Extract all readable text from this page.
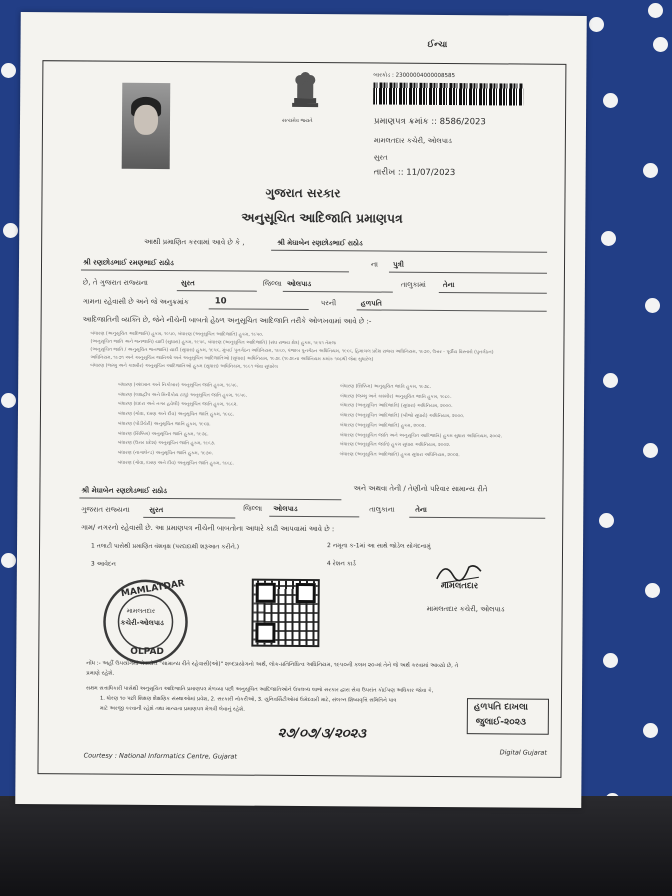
ઈન્ચા
સત્યમેવ જયતે
બારકોડ : 23000004000008585
પ્રમાણપત્ર ક્રમાંક :: 8586/2023
મામલતદાર કચેરી, ઓલપાડ
સુરત
તારીખ :: 11/07/2023
ગુજરાત સરકાર
અનુસૂચિત આદિજાતિ પ્રમાણપત્ર
આથી પ્રમાણિત કરવામાં આવે છે કે ,	શ્રી મેઘાબેન રણછોડભાઈ રાઠોડ
શ્રી રણછોડભાઈ રમણભાઈ રાઠોડ	ના પુત્રી
છે, તે ગુજરાત રાજ્યના	સુરત	જિલ્લા ઓલપાડ	તાલુકામાં તેના
ગામના રહેવાસી છે અને જે અનુક્રમાંક	10	પરની	હળપતિ
આદિજાતિની વ્યક્તિ છે, જેને નીચેની બાબતો હેઠળ અનુસૂચિત આદિજાતિ તરીકે ઓળખવામાં આવે છે :-
બંધારણ (અનુસૂચિત આદિજાતિ) હુકમ, ૧૯૫૦, બંધારણ (અનુસૂચિત આદિજાતિ) હુકમ, ૧૯૫૦.
(અનુસૂચિત જાતિ અને જનજાતિ) યાદી (સુધારા) હુકમ, ૧૯૫૬, બંધારણ (અનુસૂચિત આદિજાતિ) (સંઘ રાજ્ય ક્ષેત્ર) હુકમ, ૧૯૫૧ તેમજ
(અનુસૂચિત જાતિ / અનુસૂચિત જનજાતિ) યાદી (સુધારા) હુકમ, ૧૯૫૬, મુંબઈ પુનર્ગઠન અધિનિયમ, ૧૯૬૦, પંજાબ પુનર્ગઠન અધિનિયમ, ૧૯૬૬, હિમાચલ પ્રદેશ રાજ્ય અધિનિયમ, ૧૯૭૦, ઉત્તર - પૂર્વીય વિસ્તારો (પુનર્ગઠન)
અધિનિયમ, ૧૯૭૧ અને અનુસૂચિત જાતિઓ અને અનુસૂચિત આદિજાતિઓ (સુધારા) અધિનિયમ, ૧૯૭૬ (૧૯૭૬ના અધિનિયમ ક્રમાંક ૧૦૮થી જેવા સુધારેલ)
બંધારણ (જમ્મુ અને કાશ્મીર) અનુસૂચિત આદિજાતિઓ હુકમ (સુધારા) અધિનિયમ, ૧૯૯૧ જેવા સુધારેલ
બંધારણ (અંદમાન અને નિકોબાર) અનુસૂચિત જાતિ હુકમ, ૧૯૫૯.
બંધારણ (લક્ષદ્વીપ અને મિનીકોય ટાપુ) અનુસૂચિત જાતિ હુકમ, ૧૯૫૯.
બંધારણ (દાદરા અને નગર હવેલી) અનુસૂચિત જાતિ હુકમ, ૧૯૬૨.
બંધારણ (ગોવા, દમણ અને દીવ) અનુસૂચિત જાતિ હુકમ, ૧૯૬૮.
બંધારણ (પોંડીચેરી) અનુસૂચિત જાતિ હુકમ, ૧૯૬૪.
બંધારણ (સિક્કિમ) અનુસૂચિત જાતિ હુકમ, ૧૯૭૮.
બંધારણ (ઉત્તર પ્રદેશ) અનુસૂચિત જાતિ હુકમ, ૧૯૬૭.
બંધારણ (નાગાલેન્ડ) અનુસૂચિત જાતિ હુકમ, ૧૯૭૦.
બંધારણ (ગોવા, દમણ અને દીવ) અનુસૂચિત જાતિ હુકમ, ૧૯૬૮.
બંધારણ (સિક્કિમ) અનુસૂચિત જાતિ હુકમ, ૧૯૭૮.
બંધારણ (જમ્મુ અને કાશ્મીર) અનુસૂચિત જાતિ હુકમ, ૧૯૮૯.
બંધારણ (અનુસૂચિત આદિજાતિ) (સુધારા) અધિનિયમ, ૨૦૦૦.
બંધારણ (અનુસૂચિત આદિજાતિ) (બીજો સુધારો) અધિનિયમ, ૨૦૦૦.
બંધારણ (અનુસૂચિત આદિજાતિ) હુકમ, ૨૦૦૨.
બંધારણ (અનુસૂચિત જાતિ અને અનુસૂચિત આદિજાતિ) હુકમ સુધારા અધિનિયમ, ૨૦૦૨.
બંધારણ (અનુસૂચિત જાતિ) હુકમ સુધારા અધિનિયમ, ૨૦૦૨.
બંધારણ (અનુસૂચિત આદિજાતિ) હુકમ સુધારા અધિનિયમ, ૨૦૦૨.
શ્રી મેઘાબેન રણછોડભાઈ રાઠોડ	અને અથવા તેની / તેણીનો પરિવાર સામાન્ય રીતે
ગુજરાત રાજ્યના	સુરત	જિલ્લા ઓલપાડ	તાલુકાના	તેના
ગામ/ નગરનો રહેવાસી છે. આ પ્રમાણપત્ર નીચેની બાબતોના આધારે કાઢી આપવામાં આવે છે :
1 તલાટી પાસેથી પ્રમાણિત વંશવૃક્ષ (પરદાદાથી શરૂઆત કરીને.)	2 નમૂના ક-1માં આ સાથે જોડેલ સોગંદનામું
3 આવેદન	4 રેશન કાર્ડ
MAMLATDAR
મામલતદાર
કચેરી-ઓલપાડ
OLPAD
મામલતદાર
મામલતદાર કચેરી, ઓલપાડ
નોંધ :- અહીં ઉપયોગમાં લેવાયેલ "સામાન્ય રીતે રહેવાસી(ઓ)" શબ્દપ્રયોગનો અર્થ, લોક-પ્રતિનિધિત્વ અધિનિયમ, ૧૯૫૦ની કલમ ૨૦-માં તેને જે અર્થ કરવામાં આવ્યો છે, તે
પ્રમાણે રહેશે.
સક્ષમ સત્તાધિકારી પાસેથી અનુસૂચિત આદિજાતિ પ્રમાણપત્ર મેળવ્યા પછી અનુસૂચિત આદિજાતિઓને ઉપલબ્ધ લાભો સરકાર દ્વારા સેવા ઉપરાંત કોઈપણ અધિકાર જોવા કે,
1. ધોરણ ૧૦ પછી શિક્ષણ શૈક્ષણિક સંસ્થાઓમાં પ્રવેશ, 2. સરકારી નોકરીઓ, 3. યુનિવર્સિટીઓમાં ઉમેદવારી માટે, સંલગ્ન શિષ્યવૃત્તિ સમિતિને પાત્ર
માટે અરજી કરવાની રહેશે તથા માન્યતા પ્રમાણપત્ર મેળવી લેવાનું રહેશે.
૨૭/૦૭/૩/૨૦૨૩
હળપતિ દાખલા
જુલાઈ-૨૦૨૩
Courtesy : National Informatics Centre, Gujarat	Digital Gujarat
